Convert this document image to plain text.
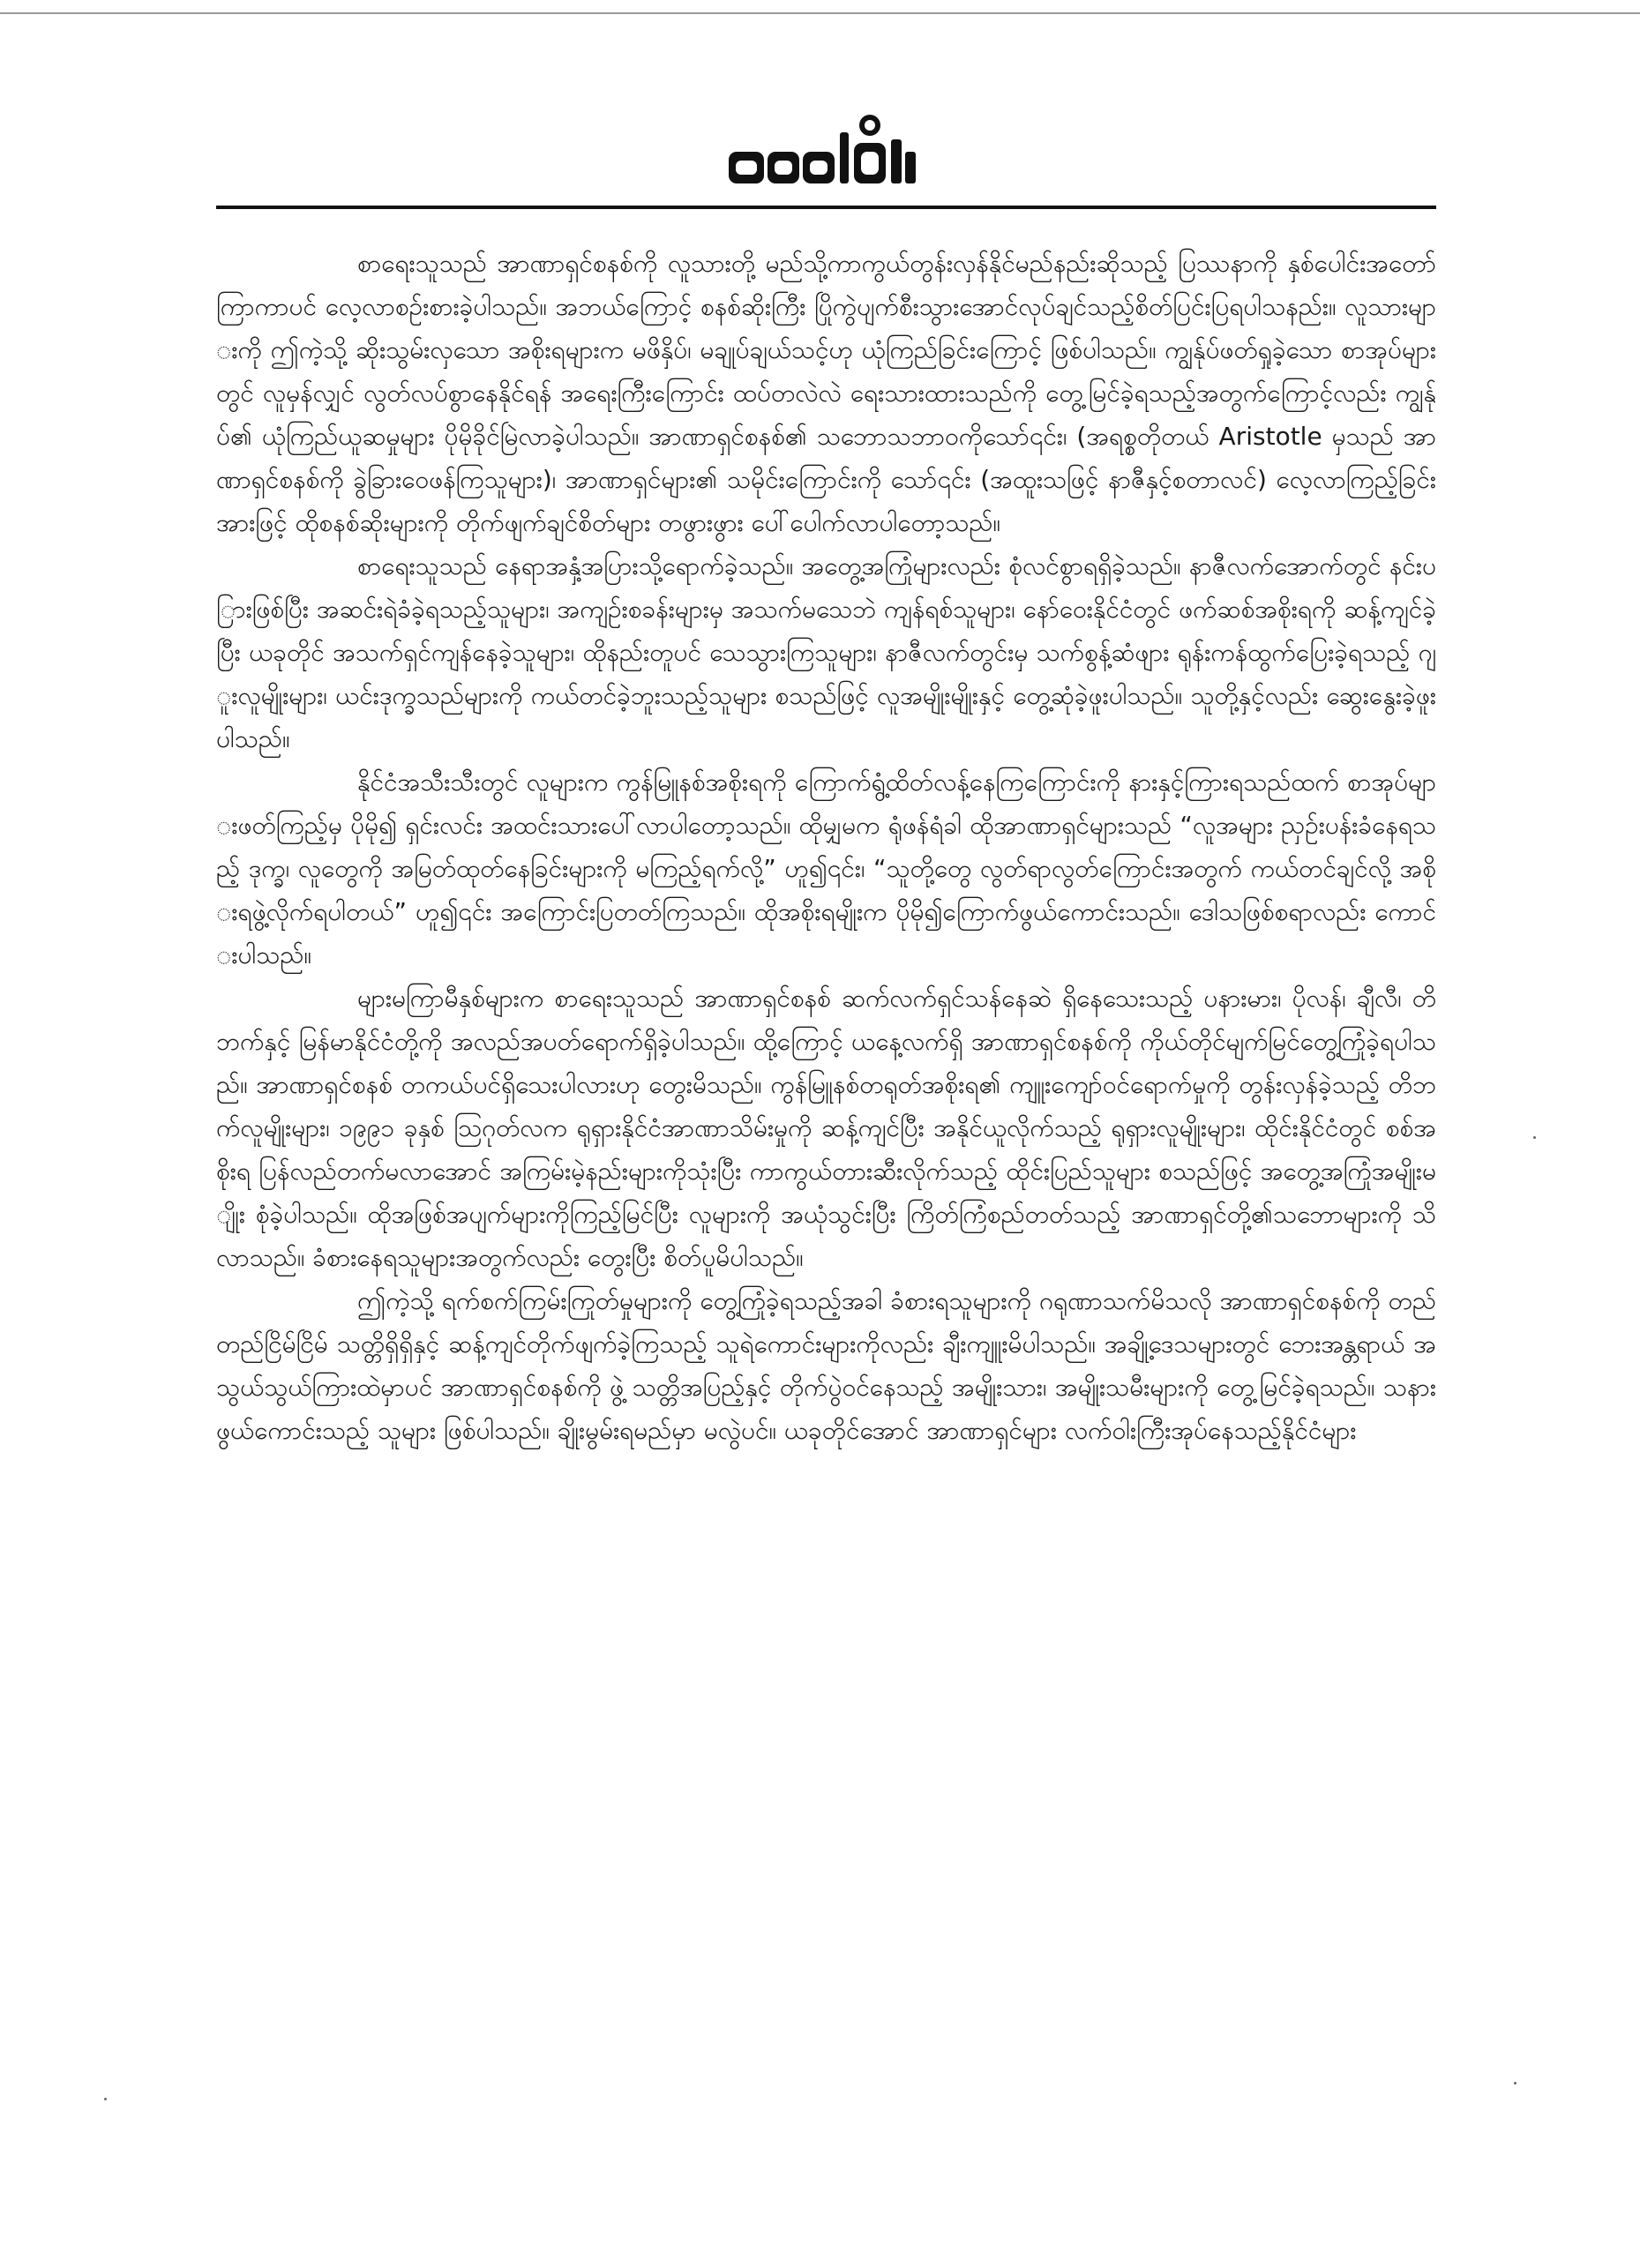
စာရေးသူသည် အာဏာရှင်စနစ်ကို လူသားတို့ မည်သို့ကာကွယ်တွန်းလှန်နိုင်မည်နည်းဆိုသည့် ပြဿနာကို နှစ်ပေါင်းအတော်ကြာကာပင် လေ့လာစဉ်းစားခဲ့ပါသည်။ အဘယ်ကြောင့် စနစ်ဆိုးကြီး ပြိုကွဲပျက်စီးသွားအောင်လုပ်ချင်သည့်စိတ်ပြင်းပြရပါသနည်း။ လူသားများကို ဤကဲ့သို့ ဆိုးသွမ်းလှသော အစိုးရများက မဖိနှိပ်၊ မချုပ်ချယ်သင့်ဟု ယုံကြည်ခြင်းကြောင့် ဖြစ်ပါသည်။ ကျွန်ုပ်ဖတ်ရှုခဲ့သော စာအုပ်များတွင် လူမှန်လျှင် လွတ်လပ်စွာနေနိုင်ရန် အရေးကြီးကြောင်း ထပ်တလဲလဲ ရေးသားထားသည်ကို တွေ့မြင်ခဲ့ရသည့်အတွက်ကြောင့်လည်း ကျွန်ုပ်၏ ယုံကြည်ယူဆမှုများ ပိုမိုခိုင်မြဲလာခဲ့ပါသည်။ အာဏာရှင်စနစ်၏ သဘောသဘာဝကိုသော်၎င်း၊ (အရစ္စတိုတယ် Aristotle မှသည် အာဏာရှင်စနစ်ကို ခွဲခြားဝေဖန်ကြသူများ)၊ အာဏာရှင်များ၏ သမိုင်းကြောင်းကို သော်၎င်း (အထူးသဖြင့် နာဇီနှင့်စတာလင်) လေ့လာကြည့်ခြင်းအားဖြင့် ထိုစနစ်ဆိုးများကို တိုက်ဖျက်ချင်စိတ်များ တဖွားဖွား ပေါ်ပေါက်လာပါတော့သည်။

စာရေးသူသည် နေရာအနှံ့အပြားသို့ရောက်ခဲ့သည်။ အတွေ့အကြုံများလည်း စုံလင်စွာရရှိခဲ့သည်။ နာဇီလက်အောက်တွင် နင်းပြားဖြစ်ပြီး အဆင်းရဲခံခဲ့ရသည့်သူများ၊ အကျဉ်းစခန်းများမှ အသက်မသေဘဲ ကျန်ရစ်သူများ၊ နော်ဝေးနိုင်ငံတွင် ဖက်ဆစ်အစိုးရကို ဆန့်ကျင်ခဲ့ပြီး ယခုတိုင် အသက်ရှင်ကျန်နေခဲ့သူများ၊ ထိုနည်းတူပင် သေသွားကြသူများ၊ နာဇီလက်တွင်းမှ သက်စွန့်ဆံဖျား ရုန်းကန်ထွက်ပြေးခဲ့ရသည့် ဂျူးလူမျိုးများ၊ ယင်းဒုက္ခသည်များကို ကယ်တင်ခဲ့ဘူးသည့်သူများ စသည်ဖြင့် လူအမျိုးမျိုးနှင့် တွေ့ဆုံခဲ့ဖူးပါသည်။ သူတို့နှင့်လည်း ဆွေးနွေးခဲ့ဖူးပါသည်။

နိုင်ငံအသီးသီးတွင် လူများက ကွန်မြူနစ်အစိုးရကို ကြောက်ရွံ့ထိတ်လန့်နေကြကြောင်းကို နားနှင့်ကြားရသည်ထက် စာအုပ်များဖတ်ကြည့်မှ ပိုမို၍ ရှင်းလင်း အထင်းသားပေါ်လာပါတော့သည်။ ထိုမျှမက ရုံဖန်ရံခါ ထိုအာဏာရှင်များသည် “လူအများ ညှဉ်းပန်းခံနေရသည့် ဒုက္ခ၊ လူတွေကို အမြတ်ထုတ်နေခြင်းများကို မကြည့်ရက်လို့” ဟူ၍၎င်း၊ “သူတို့တွေ လွတ်ရာလွတ်ကြောင်းအတွက် ကယ်တင်ချင်လို့ အစိုးရဖွဲ့လိုက်ရပါတယ်” ဟူ၍၎င်း အကြောင်းပြတတ်ကြသည်။ ထိုအစိုးရမျိုးက ပိုမို၍ကြောက်ဖွယ်ကောင်းသည်။ ဒေါသဖြစ်စရာလည်း ကောင်းပါသည်။

များမကြာမီနှစ်များက စာရေးသူသည် အာဏာရှင်စနစ် ဆက်လက်ရှင်သန်နေဆဲ ရှိနေသေးသည့် ပနားမား၊ ပိုလန်၊ ချီလီ၊ တိဘက်နှင့် မြန်မာနိုင်ငံတို့ကို အလည်အပတ်ရောက်ရှိခဲ့ပါသည်။ ထို့ကြောင့် ယနေ့လက်ရှိ အာဏာရှင်စနစ်ကို ကိုယ်တိုင်မျက်မြင်တွေ့ကြုံခဲ့ရပါသည်။ အာဏာရှင်စနစ် တကယ်ပင်ရှိသေးပါလားဟု တွေးမိသည်။ ကွန်မြူနစ်တရုတ်အစိုးရ၏ ကျူးကျော်ဝင်ရောက်မှုကို တွန်းလှန်ခဲ့သည့် တိဘက်လူမျိုးများ၊ ၁၉၉၁ ခုနှစ် ဩဂုတ်လက ရုရှားနိုင်ငံအာဏာသိမ်းမှုကို ဆန့်ကျင်ပြီး အနိုင်ယူလိုက်သည့် ရုရှားလူမျိုးများ၊ ထိုင်းနိုင်ငံတွင် စစ်အစိုးရ ပြန်လည်တက်မလာအောင် အကြမ်းမဲ့နည်းများကိုသုံးပြီး ကာကွယ်တားဆီးလိုက်သည့် ထိုင်းပြည်သူများ စသည်ဖြင့် အတွေ့အကြုံအမျိုးမျိုး စုံခဲ့ပါသည်။ ထိုအဖြစ်အပျက်များကိုကြည့်မြင်ပြီး လူများကို အယုံသွင်းပြီး ကြိတ်ကြံစည်တတ်သည့် အာဏာရှင်တို့၏သဘောများကို သိလာသည်။ ခံစားနေရသူများအတွက်လည်း တွေးပြီး စိတ်ပူမိပါသည်။

ဤကဲ့သို့ ရက်စက်ကြမ်းကြုတ်မှုများကို တွေ့ကြုံခဲ့ရသည့်အခါ ခံစားရသူများကို ဂရုဏာသက်မိသလို အာဏာရှင်စနစ်ကို တည်တည်ငြိမ်ငြိမ် သတ္တိရှိရှိနှင့် ဆန့်ကျင်တိုက်ဖျက်ခဲ့ကြသည့် သူရဲကောင်းများကိုလည်း ချီးကျူးမိပါသည်။ အချို့ဒေသများတွင် ဘေးအန္တရာယ် အသွယ်သွယ်ကြားထဲမှာပင် အာဏာရှင်စနစ်ကို ဖွဲ့ သတ္တိအပြည့်နှင့် တိုက်ပွဲဝင်နေသည့် အမျိုးသား၊ အမျိုးသမီးများကို တွေ့မြင်ခဲ့ရသည်။ သနားဖွယ်ကောင်းသည့် သူများ ဖြစ်ပါသည်။ ချိုးမွမ်းရမည်မှာ မလွဲပင်။ ယခုတိုင်အောင် အာဏာရှင်များ လက်ဝါးကြီးအုပ်နေသည့်နိုင်ငံများ
